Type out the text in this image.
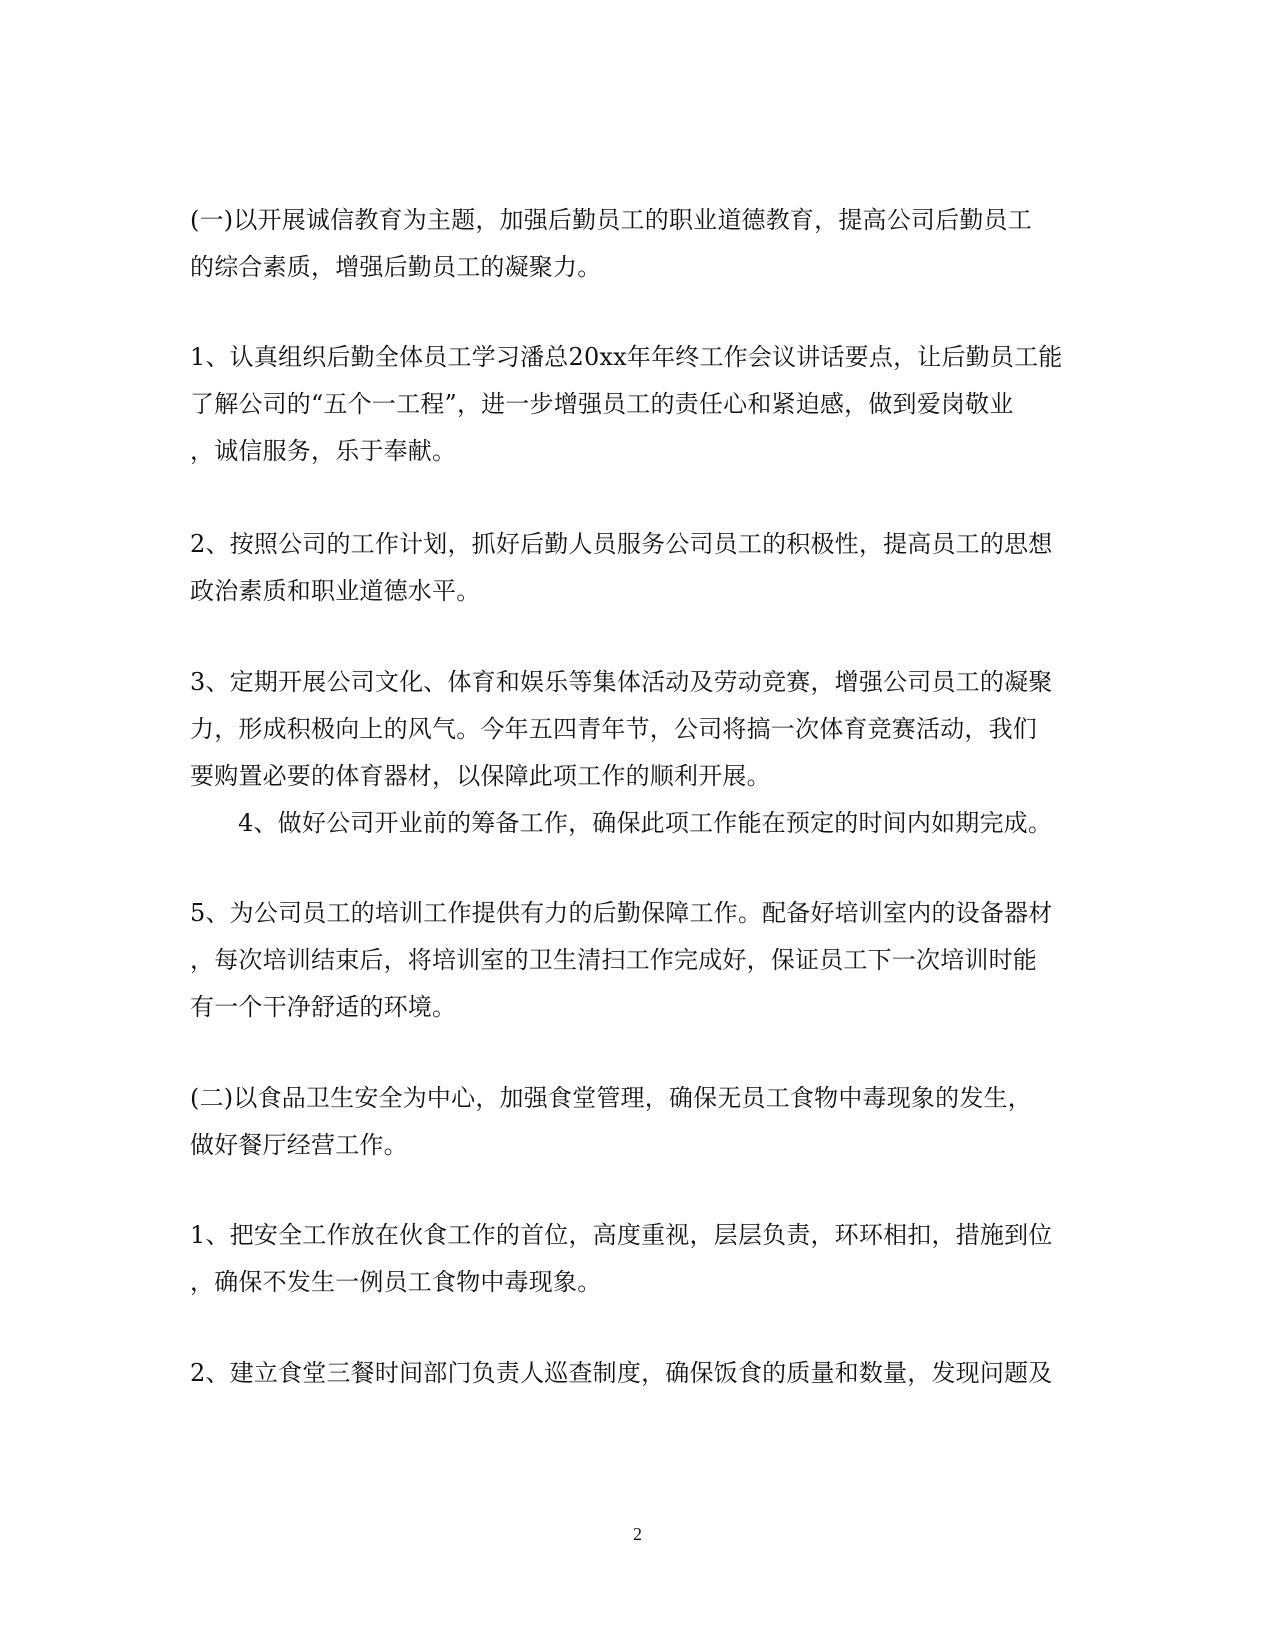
(一)以开展诚信教育为主题，加强后勤员工的职业道德教育，提高公司后勤员工
的综合素质，增强后勤员工的凝聚力。
1、认真组织后勤全体员工学习潘总20xx年年终工作会议讲话要点，让后勤员工能
了解公司的“五个一工程”，进一步增强员工的责任心和紧迫感，做到爱岗敬业
，诚信服务，乐于奉献。
2、按照公司的工作计划，抓好后勤人员服务公司员工的积极性，提高员工的思想
政治素质和职业道德水平。
3、定期开展公司文化、体育和娱乐等集体活动及劳动竞赛，增强公司员工的凝聚
力，形成积极向上的风气。今年五四青年节，公司将搞一次体育竞赛活动，我们
要购置必要的体育器材，以保障此项工作的顺利开展。
4、做好公司开业前的筹备工作，确保此项工作能在预定的时间内如期完成。
5、为公司员工的培训工作提供有力的后勤保障工作。配备好培训室内的设备器材
，每次培训结束后，将培训室的卫生清扫工作完成好，保证员工下一次培训时能
有一个干净舒适的环境。
(二)以食品卫生安全为中心，加强食堂管理，确保无员工食物中毒现象的发生，
做好餐厅经营工作。
1、把安全工作放在伙食工作的首位，高度重视，层层负责，环环相扣，措施到位
，确保不发生一例员工食物中毒现象。
2、建立食堂三餐时间部门负责人巡查制度，确保饭食的质量和数量，发现问题及
2
